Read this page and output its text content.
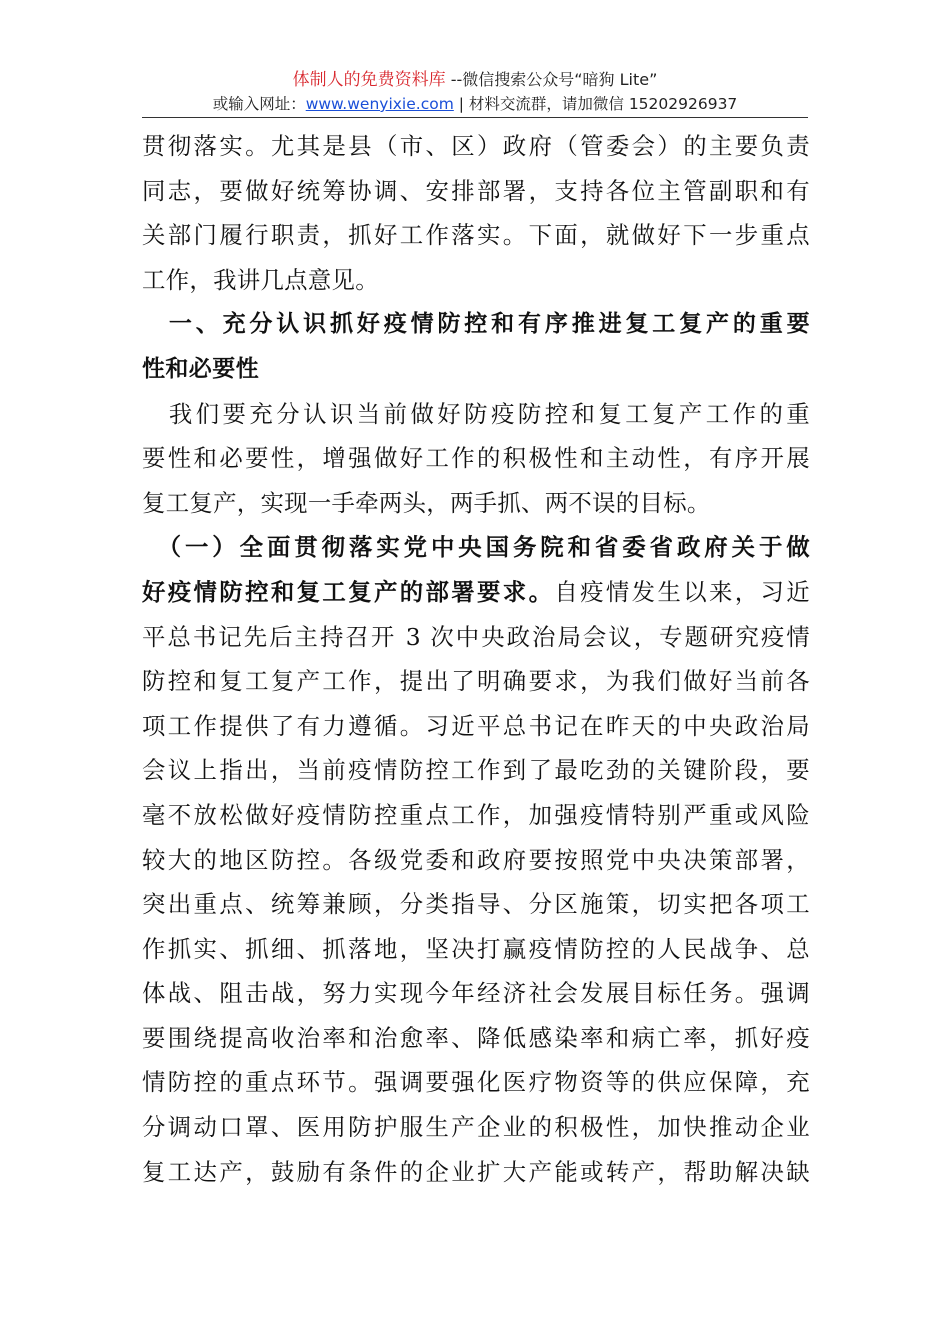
体制人的免费资料库 --微信搜索公众号“暗狗 Lite”
或输入网址：www.wenyixie.com | 材料交流群，请加微信 15202926937
贯彻落实。尤其是县（市、区）政府（管委会）的主要负责
同志，要做好统筹协调、安排部署，支持各位主管副职和有
关部门履行职责，抓好工作落实。下面，就做好下一步重点
工作，我讲几点意见。
　一、充分认识抓好疫情防控和有序推进复工复产的重要
性和必要性
　我们要充分认识当前做好防疫防控和复工复产工作的重
要性和必要性，增强做好工作的积极性和主动性，有序开展
复工复产，实现一手牵两头，两手抓、两不误的目标。
　（一）全面贯彻落实党中央国务院和省委省政府关于做
好疫情防控和复工复产的部署要求。自疫情发生以来，习近
平总书记先后主持召开 3 次中央政治局会议，专题研究疫情
防控和复工复产工作，提出了明确要求，为我们做好当前各
项工作提供了有力遵循。习近平总书记在昨天的中央政治局
会议上指出，当前疫情防控工作到了最吃劲的关键阶段，要
毫不放松做好疫情防控重点工作，加强疫情特别严重或风险
较大的地区防控。各级党委和政府要按照党中央决策部署，
突出重点、统筹兼顾，分类指导、分区施策，切实把各项工
作抓实、抓细、抓落地，坚决打赢疫情防控的人民战争、总
体战、阻击战，努力实现今年经济社会发展目标任务。强调
要围绕提高收治率和治愈率、降低感染率和病亡率，抓好疫
情防控的重点环节。强调要强化医疗物资等的供应保障，充
分调动口罩、医用防护服生产企业的积极性，加快推动企业
复工达产，鼓励有条件的企业扩大产能或转产，帮助解决缺
